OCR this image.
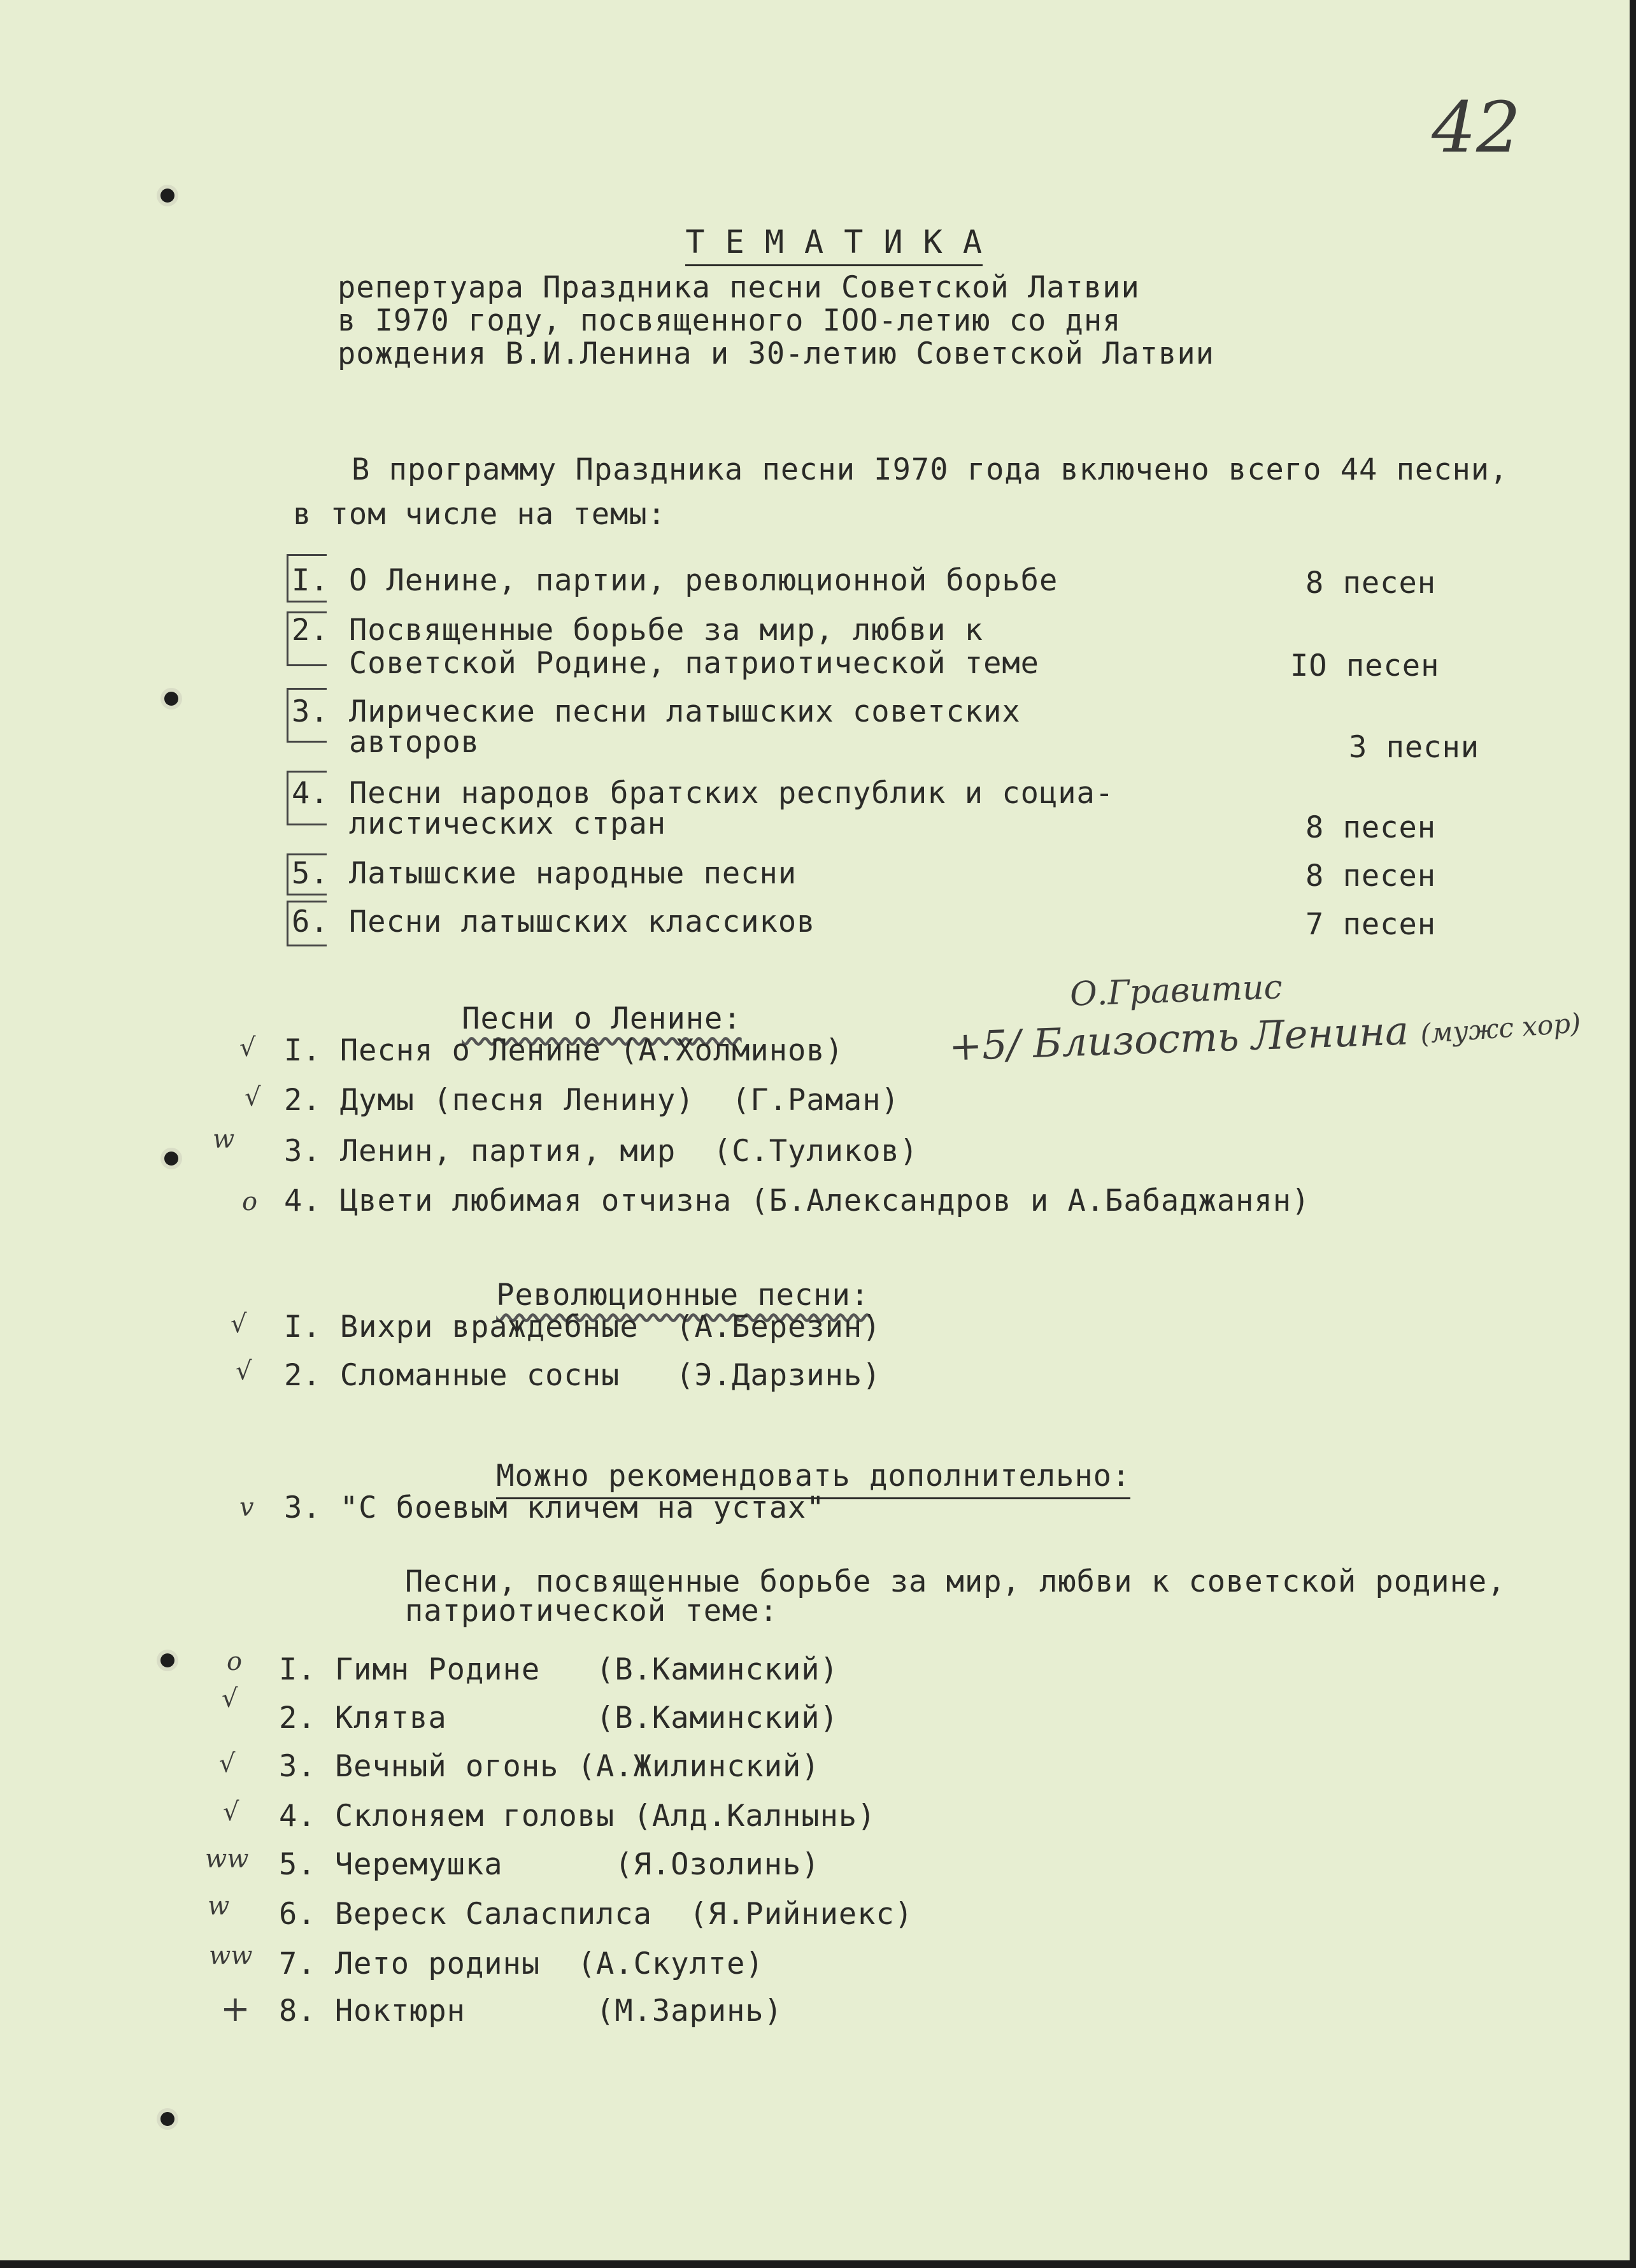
42

Т Е М А Т И К А

репертуара Праздника песни Советской Латвии
в I970 году, посвященного IOO-летию со дня
рождения В.И.Ленина и 30-летию Советской Латвии
В программу Праздника песни I970 года включено всего 44 песни,
в том числе на темы:
I. О Ленине, партии, революционной борьбе	8 песен
2. Посвященные борьбе за мир, любви к
Советской Родине, патриотической теме	IO песен
3. Лирические песни латышских советских
авторов	3 песни
4. Песни народов братских республик и социа-
листических стран	8 песен
5. Латышские народные песни	8 песен
6. Песни латышских классиков	7 песен

Песни о Ленине:

О.Гравитис
+5/ Близость Ленина (мужс хор)
√ I. Песня о Ленине (А.Холминов)
√ 2. Думы (песня Ленину)  (Г.Раман)
w 3. Ленин, партия, мир  (С.Туликов)
o 4. Цвети любимая отчизна (Б.Александров и А.Бабаджанян)

Революционные песни:

√ I. Вихри враждебные  (А.Березин)
√ 2. Сломанные сосны   (Э.Дарзинь)

Можно рекомендовать дополнительно:

v 3. "С боевым кличем на устах"
Песни, посвященные борьбе за мир, любви к советской родине,
патриотической теме:
o I. Гимн Родине   (В.Каминский)
√
2. Клятва        (В.Каминский)
√ 3. Вечный огонь (А.Жилинский)
√ 4. Склоняем головы (Алд.Калнынь)
ww 5. Черемушка      (Я.Озолинь)
w 6. Вереск Саласпилса  (Я.Рийниекс)
ww 7. Лето родины  (А.Скулте)
+ 8. Ноктюрн       (М.Заринь)
